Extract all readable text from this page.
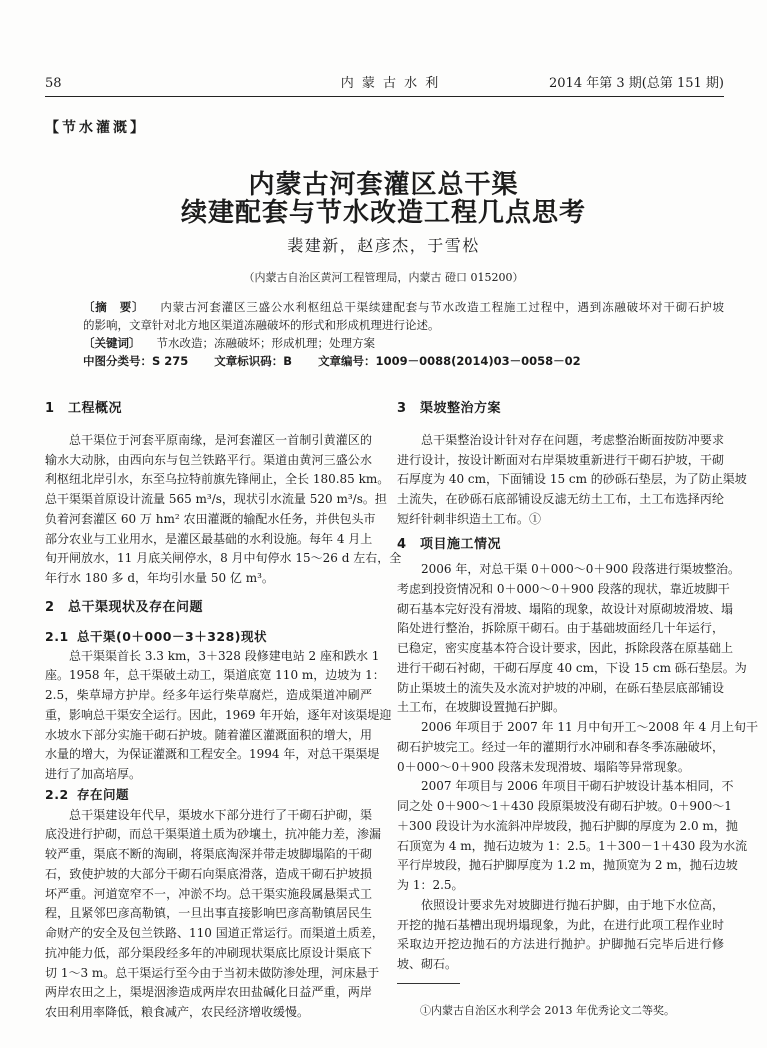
58	内 蒙 古 水 利	2014 年第 3 期(总第 151 期)
【节水灌溉】
内蒙古河套灌区总干渠
续建配套与节水改造工程几点思考
裴建新，赵彦杰，于雪松
（内蒙古自治区黄河工程管理局，内蒙古 磴口 015200）
〔摘　要〕 内蒙古河套灌区三盛公水利枢纽总干渠续建配套与节水改造工程施工过程中，遇到冻融破坏对干砌石护坡
的影响，文章针对北方地区渠道冻融破坏的形式和形成机理进行论述。
〔关键词〕 节水改造；冻融破坏；形成机理；处理方案
中图分类号：S 275 文章标识码：B 文章编号：1009－0088(2014)03－0058－02
1 工程概况
总干渠位于河套平原南缘，是河套灌区一首制引黄灌区的
输水大动脉，由西向东与包兰铁路平行。渠道由黄河三盛公水
利枢纽北岸引水，东至乌拉特前旗先锋闸止，全长 180.85 km。
总干渠渠首原设计流量 565 m³/s，现状引水流量 520 m³/s。担
负着河套灌区 60 万 hm² 农田灌溉的输配水任务，并供包头市
部分农业与工业用水，是灌区最基础的水利设施。每年 4 月上
旬开闸放水，11 月底关闸停水，8 月中旬停水 15～26 d 左右，全
年行水 180 多 d，年均引水量 50 亿 m³。
2 总干渠现状及存在问题
2.1 总干渠(0＋000－3＋328)现状
总干渠渠首长 3.3 km，3＋328 段修建电站 2 座和跌水 1
座。1958 年，总干渠破土动工，渠道底宽 110 m，边坡为 1：
2.5，柴草埽方护岸。经多年运行柴草腐烂，造成渠道冲刷严
重，影响总干渠安全运行。因此，1969 年开始，逐年对该渠堤迎
水坡水下部分实施干砌石护坡。随着灌区灌溉面积的增大，用
水量的增大，为保证灌溉和工程安全。1994 年，对总干渠渠堤
进行了加高培厚。
2.2 存在问题
总干渠建设年代早，渠坡水下部分进行了干砌石护砌，渠
底没进行护砌，而总干渠渠道土质为砂壤土，抗冲能力差，渗漏
较严重，渠底不断的淘刷，将渠底淘深并带走坡脚塌陷的干砌
石，致使护坡的大部分干砌石向渠底滑落，造成干砌石护坡损
坏严重。河道宽窄不一，冲淤不均。总干渠实施段属悬渠式工
程，且紧邻巴彦高勒镇，一旦出事直接影响巴彦高勒镇居民生
命财产的安全及包兰铁路、110 国道正常运行。而渠道土质差，
抗冲能力低，部分渠段经多年的冲刷现状渠底比原设计渠底下
切 1～3 m。总干渠运行至今由于当初未做防渗处理，河床悬于
两岸农田之上，渠堤洇渗造成两岸农田盐碱化日益严重，两岸
农田利用率降低，粮食减产，农民经济增收缓慢。
3 渠坡整治方案
总干渠整治设计针对存在问题，考虑整治断面按防冲要求
进行设计，按设计断面对右岸渠坡重新进行干砌石护坡，干砌
石厚度为 40 cm，下面铺设 15 cm 的砂砾石垫层，为了防止渠坡
土流失，在砂砾石底部铺设反滤无纺土工布，土工布选择丙纶
短纤针刺非织造土工布。①
4 项目施工情况
2006 年，对总干渠 0＋000～0＋900 段落进行渠坡整治。
考虑到投资情况和 0＋000～0＋900 段落的现状，靠近坡脚干
砌石基本完好没有滑坡、塌陷的现象，故设计对原砌坡滑坡、塌
陷处进行整治，拆除原干砌石。由于基础坡面经几十年运行，
已稳定，密实度基本符合设计要求，因此，拆除段落在原基础上
进行干砌石衬砌，干砌石厚度 40 cm，下设 15 cm 砾石垫层。为
防止渠坡土的流失及水流对护坡的冲刷，在砾石垫层底部铺设
土工布，在坡脚设置抛石护脚。
2006 年项目于 2007 年 11 月中旬开工～2008 年 4 月上旬干
砌石护坡完工。经过一年的灌期行水冲刷和春冬季冻融破坏，
0＋000～0＋900 段落未发现滑坡、塌陷等异常现象。
2007 年项目与 2006 年项目干砌石护坡设计基本相同，不
同之处 0＋900～1＋430 段原渠坡没有砌石护坡。0＋900～1
＋300 段设计为水流斜冲岸坡段，抛石护脚的厚度为 2.0 m，抛
石顶宽为 4 m，抛石边坡为 1：2.5。1＋300－1＋430 段为水流
平行岸坡段，抛石护脚厚度为 1.2 m，抛顶宽为 2 m，抛石边坡
为 1：2.5。
依照设计要求先对坡脚进行抛石护脚，由于地下水位高，
开挖的抛石基槽出现坍塌现象，为此，在进行此项工程作业时
采取边开挖边抛石的方法进行抛护。护脚抛石完毕后进行修
坡、砌石。
①内蒙古自治区水利学会 2013 年优秀论文二等奖。
